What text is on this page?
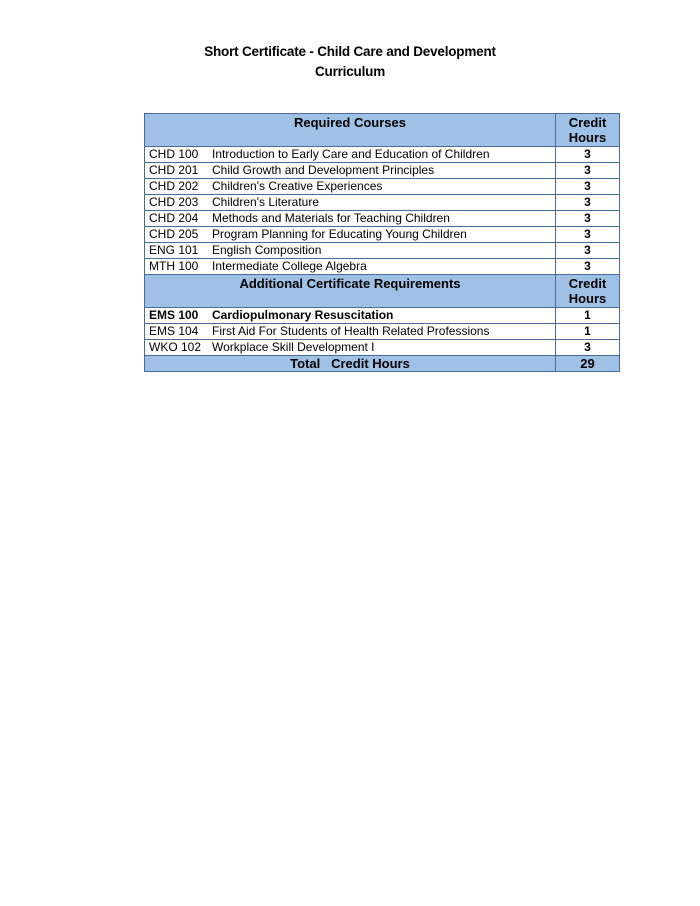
Short Certificate - Child Care and Development
Curriculum
Required Courses	Credit Hours
CHD 100 Introduction to Early Care and Education of Children	3
CHD 201 Child Growth and Development Principles	3
CHD 202 Children's Creative Experiences	3
CHD 203 Children's Literature	3
CHD 204 Methods and Materials for Teaching Children	3
CHD 205 Program Planning for Educating Young Children	3
ENG 101 English Composition	3
MTH 100 Intermediate College Algebra	3
Additional Certificate Requirements	Credit Hours
EMS 100 Cardiopulmonary Resuscitation	1
EMS 104 First Aid For Students of Health Related Professions	1
WKO 102 Workplace Skill Development I	3
Total   Credit Hours	29
